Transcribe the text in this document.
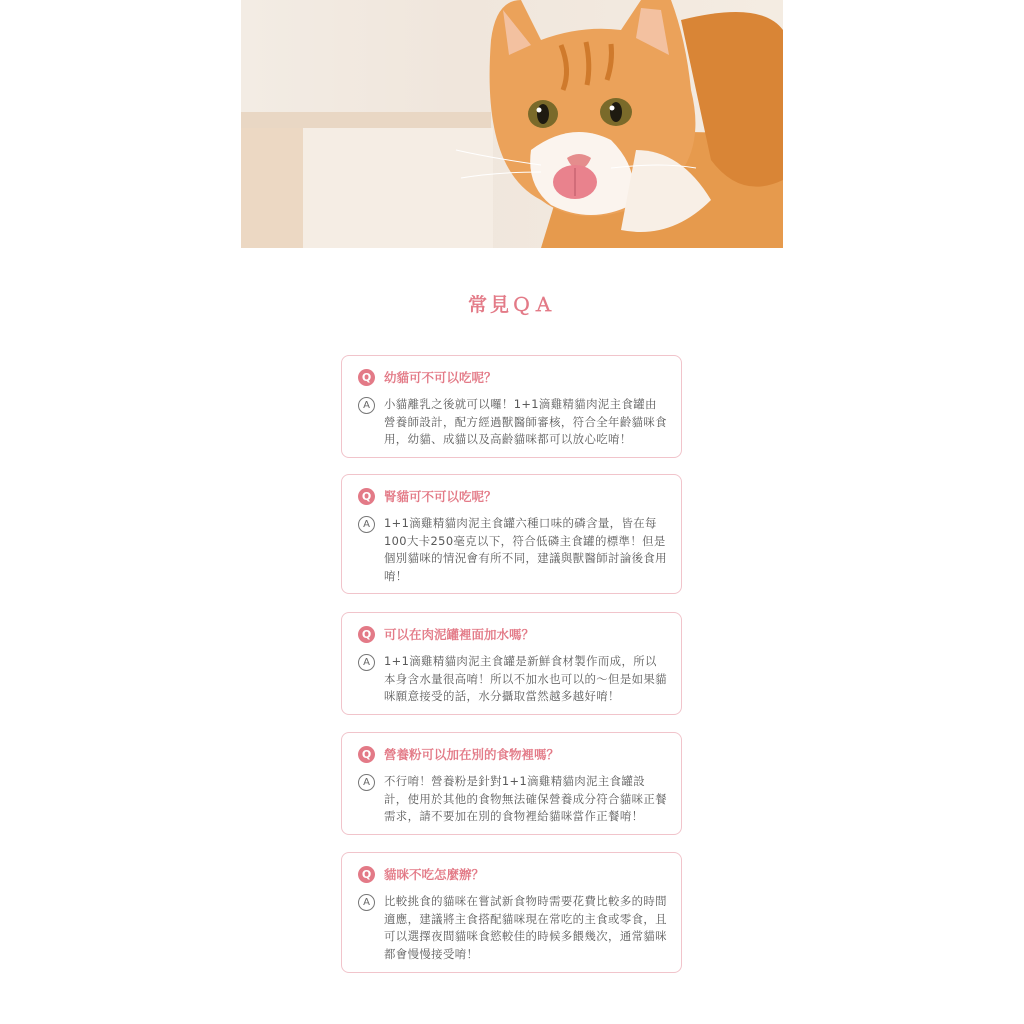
常見ＱＡ
Q	幼貓可不可以吃呢？
A	小貓離乳之後就可以囉！1+1滴雞精貓肉泥主食罐由營養師設計，配方經過獸醫師審核，符合全年齡貓咪食用，幼貓、成貓以及高齡貓咪都可以放心吃唷！
Q	腎貓可不可以吃呢？
A	1+1滴雞精貓肉泥主食罐六種口味的磷含量，皆在每100大卡250毫克以下，符合低磷主食罐的標準！但是個別貓咪的情況會有所不同，建議與獸醫師討論後食用唷！
Q	可以在肉泥罐裡面加水嗎？
A	1+1滴雞精貓肉泥主食罐是新鮮食材製作而成，所以本身含水量很高唷！所以不加水也可以的～但是如果貓咪願意接受的話，水分攝取當然越多越好唷！
Q	營養粉可以加在別的食物裡嗎？
A	不行唷！營養粉是針對1+1滴雞精貓肉泥主食罐設計，使用於其他的食物無法確保營養成分符合貓咪正餐需求，請不要加在別的食物裡給貓咪當作正餐唷！
Q	貓咪不吃怎麼辦？
A	比較挑食的貓咪在嘗試新食物時需要花費比較多的時間適應，建議將主食搭配貓咪現在常吃的主食或零食，且可以選擇夜間貓咪食慾較佳的時候多餵幾次，通常貓咪都會慢慢接受唷！
